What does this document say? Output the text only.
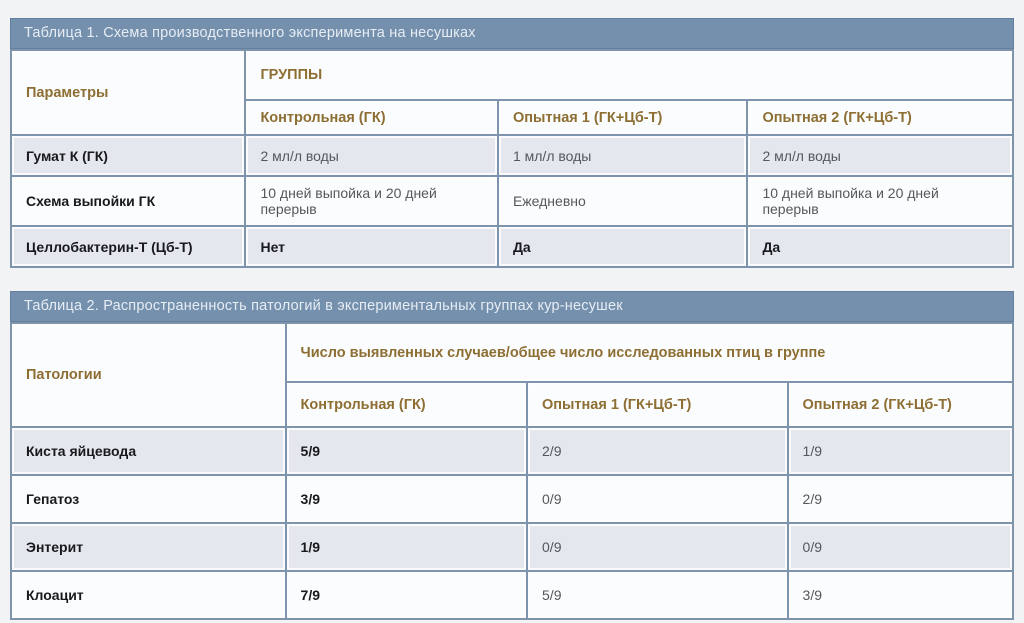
Таблица 1. Схема производственного эксперимента на несушках
Параметры	ГРУППЫ		
	Контрольная (ГК)	Опытная 1 (ГК+Цб-Т)	Опытная 2 (ГК+Цб-Т)
Гумат К (ГК)	2 мл/л воды	1 мл/л воды	2 мл/л воды
Схема выпойки ГК	10 дней выпойка и 20 дней перерыв	Ежедневно	10 дней выпойка и 20 дней перерыв
Целлобактерин-Т (Цб-Т)	Нет	Да	Да
Таблица 2. Распространенность патологий в экспериментальных группах кур-несушек
Патологии	Число выявленных случаев/общее число исследованных птиц в группе		
	Контрольная (ГК)	Опытная 1 (ГК+Цб-Т)	Опытная 2 (ГК+Цб-Т)
Киста яйцевода	5/9	2/9	1/9
Гепатоз	3/9	0/9	2/9
Энтерит	1/9	0/9	0/9
Клоацит	7/9	5/9	3/9
